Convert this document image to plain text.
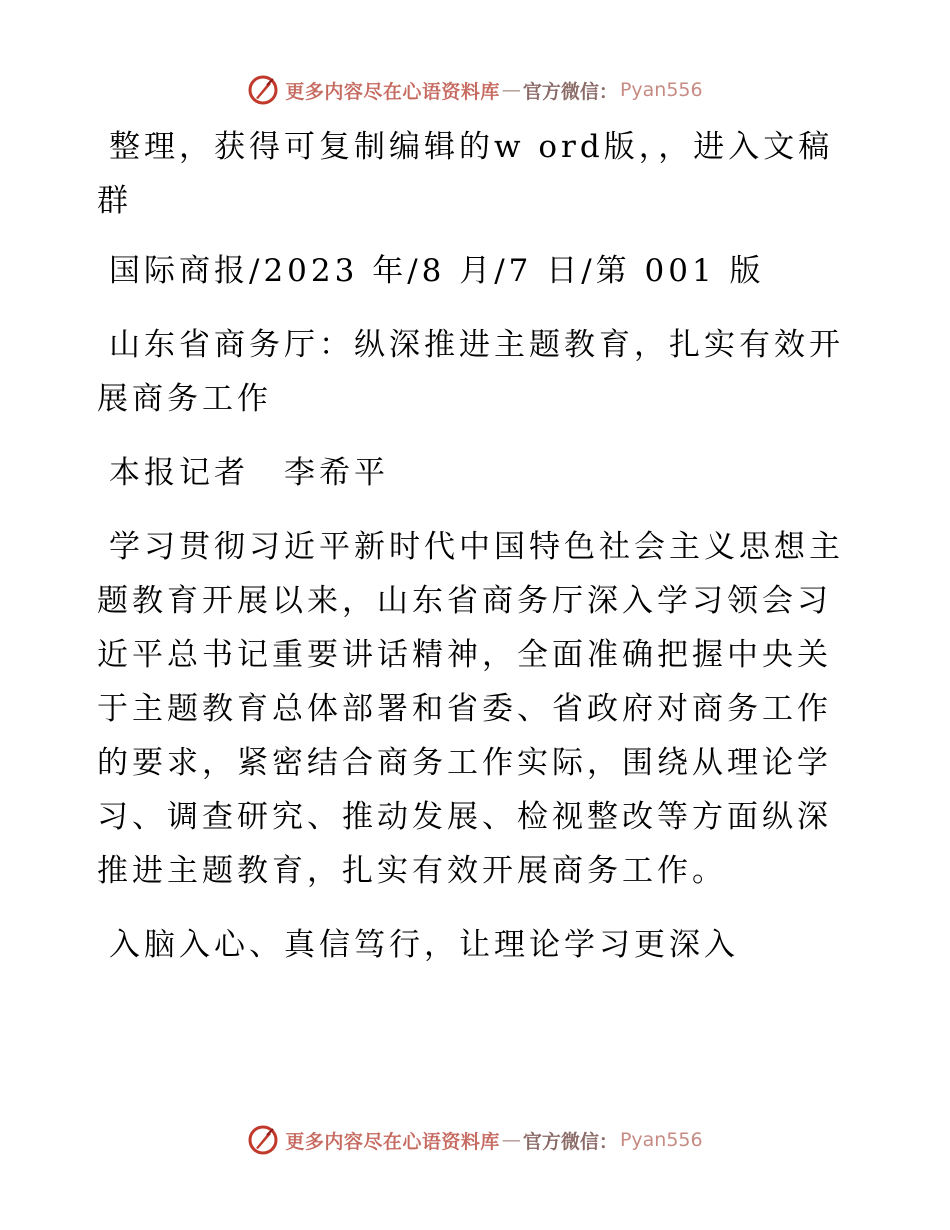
更多内容尽在心语资料库 — 官方微信： Pyan556

整理，获得可复制编辑的w ord版，，进入文稿群

国际商报/2023 年/8 月/7 日/第 001 版

山东省商务厅：纵深推进主题教育，扎实有效开展商务工作

本报记者　李希平

学习贯彻习近平新时代中国特色社会主义思想主题教育开展以来，山东省商务厅深入学习领会习近平总书记重要讲话精神，全面准确把握中央关于主题教育总体部署和省委、省政府对商务工作的要求，紧密结合商务工作实际，围绕从理论学习、调查研究、推动发展、检视整改等方面纵深推进主题教育，扎实有效开展商务工作。

入脑入心、真信笃行，让理论学习更深入

更多内容尽在心语资料库 — 官方微信： Pyan556
